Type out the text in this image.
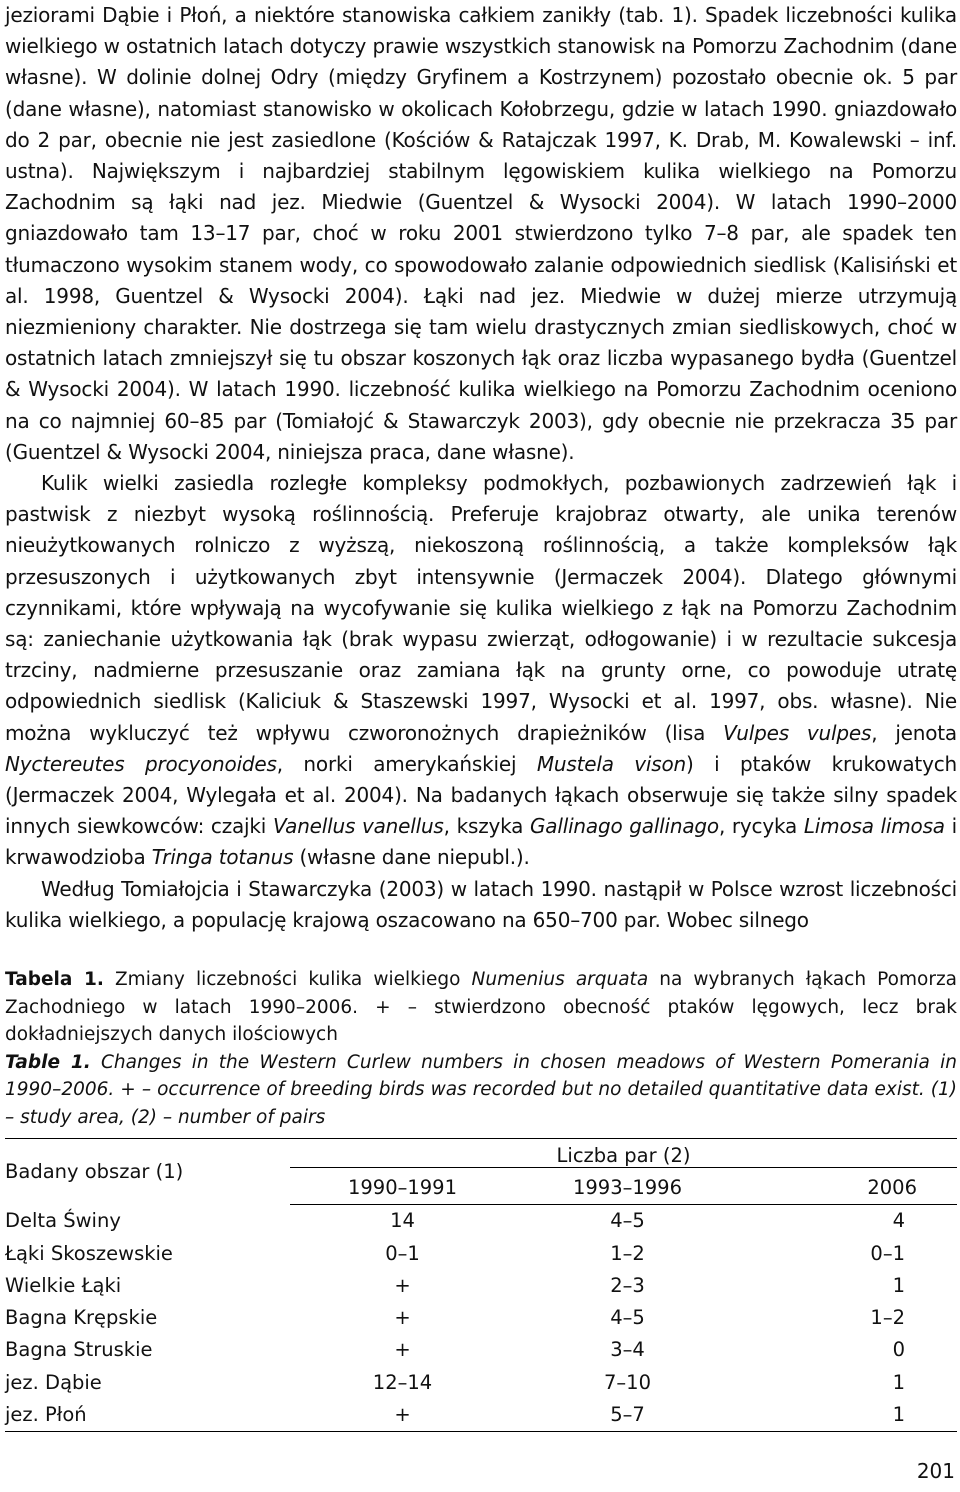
jeziorami Dąbie i Płoń, a niektóre stanowiska całkiem zanikły (tab. 1). Spadek liczebności kulika wielkiego w ostatnich latach dotyczy prawie wszystkich stanowisk na Pomorzu Zachodnim (dane własne). W dolinie dolnej Odry (między Gryfinem a Kostrzynem) pozostało obecnie ok. 5 par (dane własne), natomiast stanowisko w okolicach Kołobrzegu, gdzie w latach 1990. gniazdowało do 2 par, obecnie nie jest zasiedlone (Kościów & Ratajczak 1997, K. Drab, M. Kowalewski – inf. ustna). Największym i najbardziej stabilnym lęgowiskiem kulika wielkiego na Pomorzu Zachodnim są łąki nad jez. Miedwie (Guentzel & Wysocki 2004). W latach 1990–2000 gniazdowało tam 13–17 par, choć w roku 2001 stwierdzono tylko 7–8 par, ale spadek ten tłumaczono wysokim stanem wody, co spowodowało zalanie odpowiednich siedlisk (Kalisiński et al. 1998, Guentzel & Wysocki 2004). Łąki nad jez. Miedwie w dużej mierze utrzymują niezmieniony charakter. Nie dostrzega się tam wielu drastycznych zmian siedliskowych, choć w ostatnich latach zmniejszył się tu obszar koszonych łąk oraz liczba wypasanego bydła (Guentzel & Wysocki 2004). W latach 1990. liczebność kulika wielkiego na Pomorzu Zachodnim oceniono na co najmniej 60–85 par (Tomiałojć & Stawarczyk 2003), gdy obecnie nie przekracza 35 par (Guentzel & Wysocki 2004, niniejsza praca, dane własne).

Kulik wielki zasiedla rozległe kompleksy podmokłych, pozbawionych zadrzewień łąk i pastwisk z niezbyt wysoką roślinnością. Preferuje krajobraz otwarty, ale unika terenów nieużytkowanych rolniczo z wyższą, niekoszoną roślinnością, a także kompleksów łąk przesuszonych i użytkowanych zbyt intensywnie (Jermaczek 2004). Dlatego głównymi czynnikami, które wpływają na wycofywanie się kulika wielkiego z łąk na Pomorzu Zachodnim są: zaniechanie użytkowania łąk (brak wypasu zwierząt, odłogowanie) i w rezultacie sukcesja trzciny, nadmierne przesuszanie oraz zamiana łąk na grunty orne, co powoduje utratę odpowiednich siedlisk (Kaliciuk & Staszewski 1997, Wysocki et al. 1997, obs. własne). Nie można wykluczyć też wpływu czworonożnych drapieżników (lisa Vulpes vulpes, jenota Nyctereutes procyonoides, norki amerykańskiej Mustela vison) i ptaków krukowatych (Jermaczek 2004, Wylegała et al. 2004). Na badanych łąkach obserwuje się także silny spadek innych siewkowców: czajki Vanellus vanellus, kszyka Gallinago gallinago, rycyka Limosa limosa i krwawodzioba Tringa totanus (własne dane niepubl.).

Według Tomiałojcia i Stawarczyka (2003) w latach 1990. nastąpił w Polsce wzrost liczebności kulika wielkiego, a populację krajową oszacowano na 650–700 par. Wobec silnego

Tabela 1. Zmiany liczebności kulika wielkiego Numenius arquata na wybranych łąkach Pomorza Zachodniego w latach 1990–2006. + – stwierdzono obecność ptaków lęgowych, lecz brak dokładniejszych danych ilościowych

Table 1. Changes in the Western Curlew numbers in chosen meadows of Western Pomerania in 1990–2006. + – occurrence of breeding birds was recorded but no detailed quantitative data exist. (1) – study area, (2) – number of pairs

Badany obszar (1)	Liczba par (2)		

	1990–1991	1993–1996	2006
Delta Świny	14	4–5	4
Łąki Skoszewskie	0–1	1–2	0–1
Wielkie Łąki	+	2–3	1
Bagna Krępskie	+	4–5	1–2
Bagna Struskie	+	3–4	0
jez. Dąbie	12–14	7–10	1
jez. Płoń	+	5–7	1
201
